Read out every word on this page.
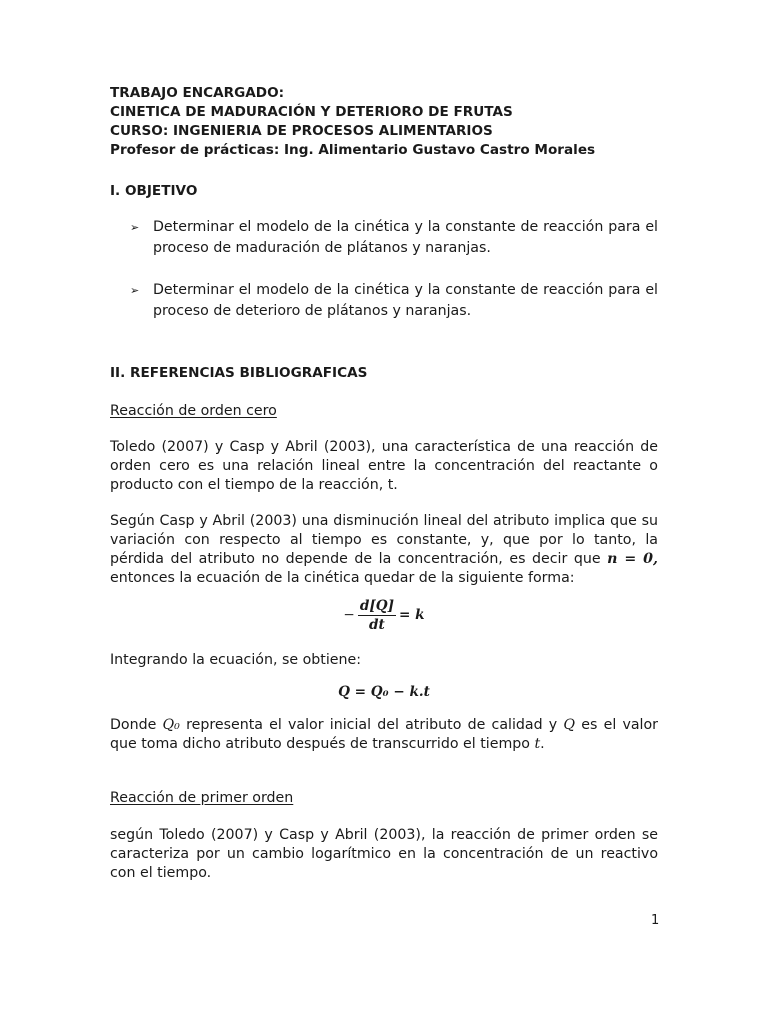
TRABAJO ENCARGADO:
CINETICA DE MADURACIÓN Y DETERIORO DE FRUTAS
CURSO: INGENIERIA DE PROCESOS ALIMENTARIOS
Profesor de prácticas: Ing. Alimentario Gustavo Castro Morales
I. OBJETIVO
➢ Determinar el modelo de la cinética y la constante de reacción para el proceso de maduración de plátanos y naranjas.
➢ Determinar el modelo de la cinética y la constante de reacción para el proceso de deterioro de plátanos y naranjas.
II. REFERENCIAS BIBLIOGRAFICAS
Reacción de orden cero
Toledo (2007) y Casp y Abril (2003), una característica de una reacción de orden cero es una relación lineal entre la concentración del reactante o producto con el tiempo de la reacción, t.
Según Casp y Abril (2003) una disminución lineal del atributo implica que su variación con respecto al tiempo es constante, y, que por lo tanto, la pérdida del atributo no depende de la concentración, es decir que n = 0, entonces la ecuación de la cinética quedar de la siguiente forma:
− $\frac{d[Q]}{dt} = k$
Integrando la ecuación, se obtiene:
Q = Q₀ − k.t
Donde Q₀ representa el valor inicial del atributo de calidad y Q es el valor que toma dicho atributo después de transcurrido el tiempo t.
Reacción de primer orden
según Toledo (2007) y Casp y Abril (2003), la reacción de primer orden se caracteriza por un cambio logarítmico en la concentración de un reactivo con el tiempo.
1
